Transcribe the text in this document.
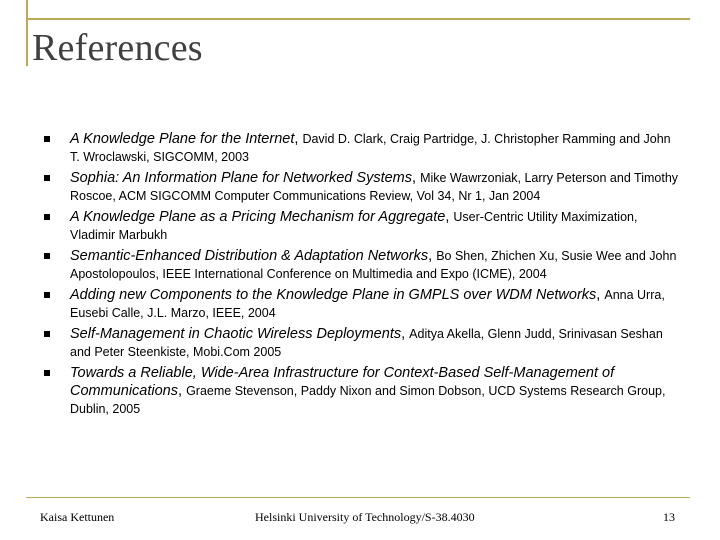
References
A Knowledge Plane for the Internet , David D. Clark, Craig Partridge, J. Christopher Ramming and John T. Wroclawski, SIGCOMM, 2003
Sophia: An Information Plane for Networked Systems , Mike Wawrzoniak, Larry Peterson and Timothy Roscoe, ACM SIGCOMM Computer Communications Review, Vol 34, Nr 1, Jan 2004
A Knowledge Plane as a Pricing Mechanism for Aggregate , User-Centric Utility Maximization, Vladimir Marbukh
Semantic-Enhanced Distribution & Adaptation Networks , Bo Shen, Zhichen Xu, Susie Wee and John Apostolopoulos, IEEE International Conference on Multimedia and Expo (ICME), 2004
Adding new Components to the Knowledge Plane in GMPLS over WDM Networks , Anna Urra, Eusebi Calle, J.L. Marzo, IEEE, 2004
Self-Management in Chaotic Wireless Deployments , Aditya Akella, Glenn Judd, Srinivasan Seshan and Peter Steenkiste, Mobi.Com 2005
Towards a Reliable, Wide-Area Infrastructure for Context-Based Self-Management of Communications , Graeme Stevenson, Paddy Nixon and Simon Dobson, UCD Systems Research Group, Dublin, 2005
Kaisa Kettunen	Helsinki University of Technology/S-38.4030	13
